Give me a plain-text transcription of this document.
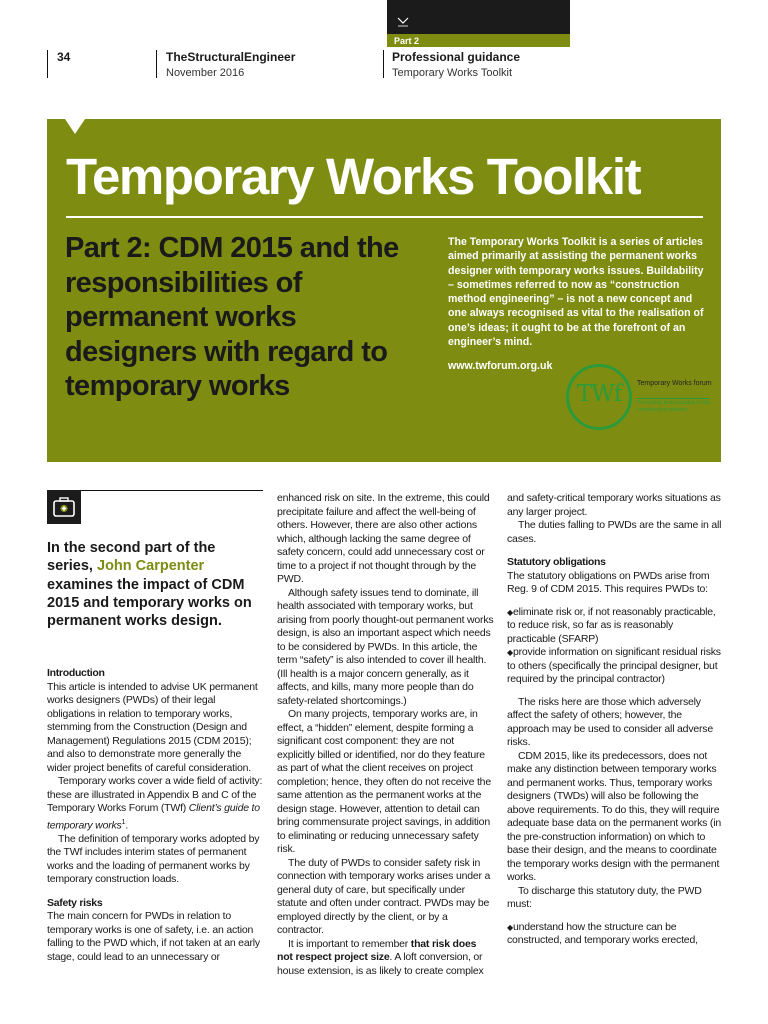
Part 2
34	TheStructuralEngineer
November 2016
Professional guidance
Temporary Works Toolkit
Temporary Works Toolkit
Part 2: CDM 2015 and the responsibilities of permanent works designers with regard to temporary works
The Temporary Works Toolkit is a series of articles aimed primarily at assisting the permanent works designer with temporary works issues. Buildability – sometimes referred to now as “construction method engineering” – is not a new concept and one always recognised as vital to the realisation of one’s ideas; it ought to be at the forefront of an engineer’s mind.
www.twforum.org.uk
TWf	Temporary Works forum
Promoting best practice in the construction industry
In the second part of the series, John Carpenter examines the impact of CDM 2015 and temporary works on permanent works design.
Introduction

This article is intended to advise UK permanent works designers (PWDs) of their legal obligations in relation to temporary works, stemming from the Construction (Design and Management) Regulations 2015 (CDM 2015); and also to demonstrate more generally the wider project benefits of careful consideration.

Temporary works cover a wide field of activity: these are illustrated in Appendix B and C of the Temporary Works Forum (TWf) Client’s guide to temporary works$^1$.

The definition of temporary works adopted by the TWf includes interim states of permanent works and the loading of permanent works by temporary construction loads.

Safety risks

The main concern for PWDs in relation to temporary works is one of safety, i.e. an action falling to the PWD which, if not taken at an early stage, could lead to an unnecessary or

enhanced risk on site. In the extreme, this could precipitate failure and affect the well-being of others. However, there are also other actions which, although lacking the same degree of safety concern, could add unnecessary cost or time to a project if not thought through by the PWD.

Although safety issues tend to dominate, ill health associated with temporary works, but arising from poorly thought-out permanent works design, is also an important aspect which needs to be considered by PWDs. In this article, the term “safety” is also intended to cover ill health. (Ill health is a major concern generally, as it affects, and kills, many more people than do safety-related shortcomings.)

On many projects, temporary works are, in effect, a “hidden” element, despite forming a significant cost component: they are not explicitly billed or identified, nor do they feature as part of what the client receives on project completion; hence, they often do not receive the same attention as the permanent works at the design stage. However, attention to detail can bring commensurate project savings, in addition to eliminating or reducing unnecessary safety risk.

The duty of PWDs to consider safety risk in connection with temporary works arises under a general duty of care, but specifically under statute and often under contract. PWDs may be employed directly by the client, or by a contractor.

It is important to remember that risk does not respect project size. A loft conversion, or house extension, is as likely to create complex

and safety-critical temporary works situations as any larger project.

The duties falling to PWDs are the same in all cases.

Statutory obligations

The statutory obligations on PWDs arise from Reg. 9 of CDM 2015. This requires PWDs to:

◆eliminate risk or, if not reasonably practicable, to reduce risk, so far as is reasonably practicable (SFARP)

◆provide information on significant residual risks to others (specifically the principal designer, but required by the principal contractor)

The risks here are those which adversely affect the safety of others; however, the approach may be used to consider all adverse risks.

CDM 2015, like its predecessors, does not make any distinction between temporary works and permanent works. Thus, temporary works designers (TWDs) will also be following the above requirements. To do this, they will require adequate base data on the permanent works (in the pre-construction information) on which to base their design, and the means to coordinate the temporary works design with the permanent works.

To discharge this statutory duty, the PWD must:

◆understand how the structure can be constructed, and temporary works erected,
